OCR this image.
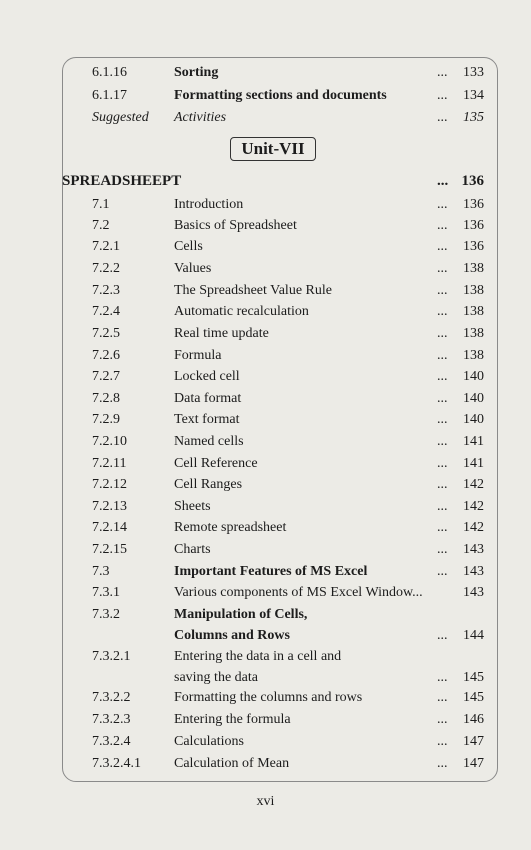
6.1.16	Sorting	... 133
6.1.17	Formatting sections and documents	... 134
Suggested Activities	... 135
Unit-VII
SPREADSHEEPT	... 136
7.1	Introduction	... 136
7.2	Basics of Spreadsheet	... 136
7.2.1	Cells	... 136
7.2.2	Values	... 138
7.2.3	The Spreadsheet Value Rule	... 138
7.2.4	Automatic recalculation	... 138
7.2.5	Real time update	... 138
7.2.6	Formula	... 138
7.2.7	Locked cell	... 140
7.2.8	Data format	... 140
7.2.9	Text format	... 140
7.2.10	Named cells	... 141
7.2.11	Cell Reference	... 141
7.2.12	Cell Ranges	... 142
7.2.13	Sheets	... 142
7.2.14	Remote spreadsheet	... 142
7.2.15	Charts	... 143
7.3	Important Features of MS Excel	... 143
7.3.1	Various components of MS Excel Window...	143
7.3.2	Manipulation of Cells,
Columns and Rows	... 144
7.3.2.1	Entering the data in a cell and
saving the data	... 145
7.3.2.2	Formatting the columns and rows	... 145
7.3.2.3	Entering the formula	... 146
7.3.2.4	Calculations	... 147
7.3.2.4.1 Calculation of Mean	... 147
xvi
